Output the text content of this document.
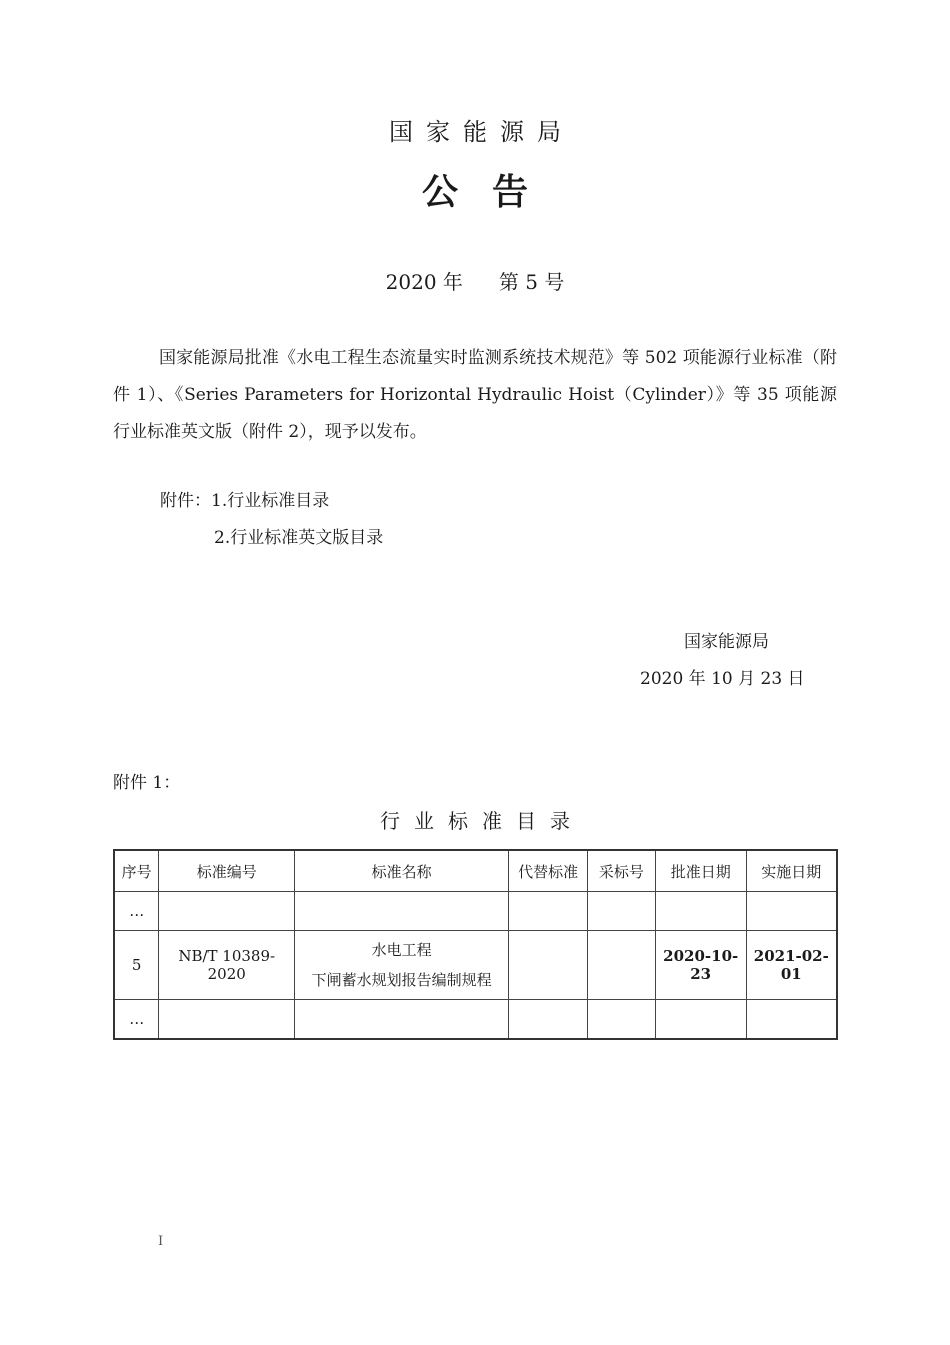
国家能源局
公告
2020 年 第 5 号
国家能源局批准《水电工程生态流量实时监测系统技术规范》等 502 项能源行业标准（附件 1）、《Series Parameters for Horizontal Hydraulic Hoist（Cylinder）》等 35 项能源行业标准英文版（附件 2），现予以发布。
附件：1.行业标准目录
2.行业标准英文版目录
国家能源局
2020 年 10 月 23 日
附件 1：
行业标准目录
序号	标准编号	标准名称	代替标准	采标号	批准日期	实施日期
…						
5	NB/T 10389-2020	水电工程
下闸蓄水规划报告编制规程			2020-10-23	2021-02-01
…						
I
